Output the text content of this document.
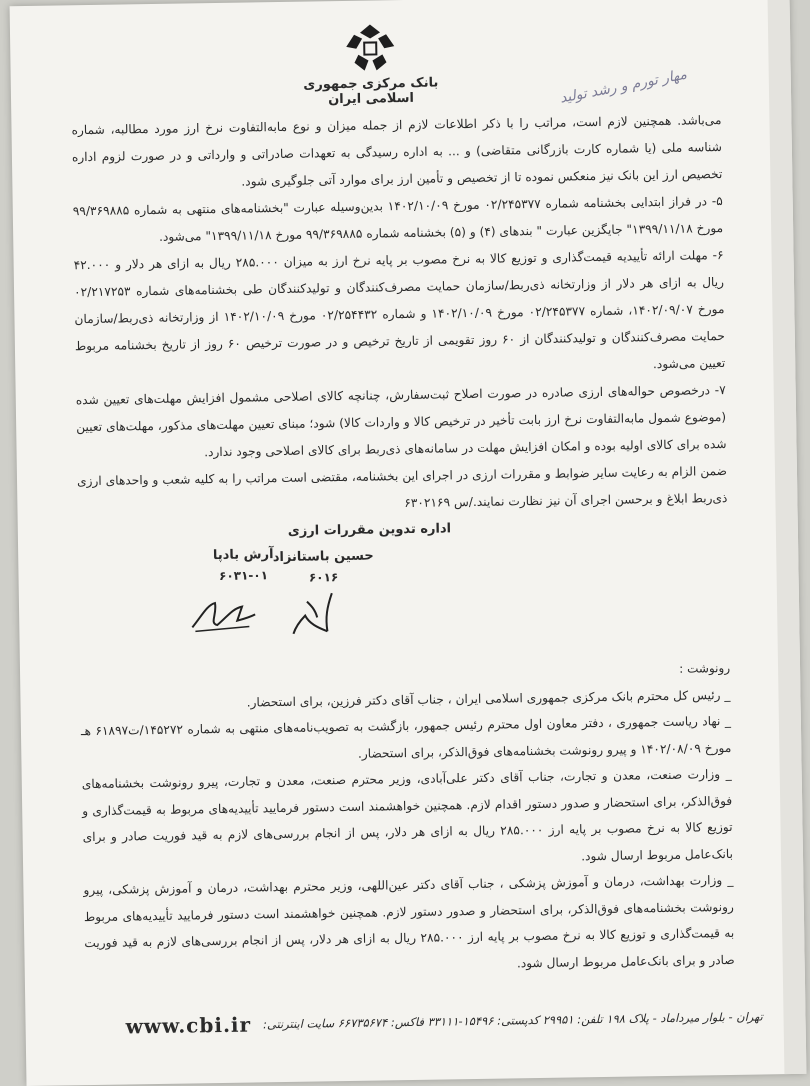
بانک مرکزی جمهوری اسلامی ایران	مهار تورم و رشد تولید

می‌باشد. همچنین لازم است، مراتب را با ذکر اطلاعات لازم از جمله میزان و نوع مابه‌التفاوت نرخ ارز مورد مطالبه، شماره شناسه ملی (یا شماره کارت بازرگانی متقاضی) و ... به اداره رسیدگی به تعهدات صادراتی و وارداتی و در صورت لزوم اداره تخصیص ارز این بانک نیز منعکس نموده تا از تخصیص و تأمین ارز برای موارد آتی جلوگیری شود.

۵- در فراز ابتدایی بخشنامه شماره ۰۲/۲۴۵۳۷۷ مورخ ۱۴۰۲/۱۰/۰۹ بدین‌وسیله عبارت "بخشنامه‌های منتهی به شماره ۹۹/۳۶۹۸۸۵ مورخ ۱۳۹۹/۱۱/۱۸" جایگزین عبارت " بندهای (۴) و (۵) بخشنامه شماره ۹۹/۳۶۹۸۸۵ مورخ ۱۳۹۹/۱۱/۱۸" می‌شود.

۶- مهلت ارائه تأییدیه قیمت‌گذاری و توزیع کالا به نرخ مصوب بر پایه نرخ ارز به میزان ۲۸۵.۰۰۰ ریال به ازای هر دلار و ۴۲.۰۰۰ ریال به ازای هر دلار از وزارتخانه ذی‌ربط/سازمان حمایت مصرف‌کنندگان و تولیدکنندگان طی بخشنامه‌های شماره ۰۲/۲۱۷۲۵۳ مورخ ۱۴۰۲/۰۹/۰۷، شماره ۰۲/۲۴۵۳۷۷ مورخ ۱۴۰۲/۱۰/۰۹ و شماره ۰۲/۲۵۴۴۳۲ مورخ ۱۴۰۲/۱۰/۰۹ از وزارتخانه ذی‌ربط/سازمان حمایت مصرف‌کنندگان و تولیدکنندگان از ۶۰ روز تقویمی از تاریخ ترخیص و در صورت ترخیص ۶۰ روز از تاریخ بخشنامه مربوط تعیین می‌شود.

۷- درخصوص حواله‌های ارزی صادره در صورت اصلاح ثبت‌سفارش، چنانچه کالای اصلاحی مشمول افزایش مهلت‌های تعیین شده (موضوع شمول مابه‌التفاوت نرخ ارز بابت تأخیر در ترخیص کالا و واردات کالا) شود؛ مبنای تعیین مهلت‌های مذکور، مهلت‌های تعیین شده برای کالای اولیه بوده و امکان افزایش مهلت در سامانه‌های ذی‌ربط برای کالای اصلاحی وجود ندارد.

ضمن الزام به رعایت سایر ضوابط و مقررات ارزی در اجرای این بخشنامه، مقتضی است مراتب را به کلیه شعب و واحدهای ارزی ذی‌ربط ابلاغ و برحسن اجرای آن نیز نظارت نمایند./س ۶۳۰۲۱۶۹

اداره تدوین مقررات ارزی
آرش بادپا
۶۰۳۱-۰۱
حسین باستانزاد
۶۰۱۶

رونوشت :

_ رئیس کل محترم بانک مرکزی جمهوری اسلامی ایران ، جناب آقای دکتر فرزین، برای استحضار.

_ نهاد ریاست جمهوری ، دفتر معاون اول محترم رئیس جمهور، بازگشت به تصویب‌نامه‌های منتهی به شماره ۱۴۵۲۷۲/ت۶۱۸۹۷ هـ مورخ ۱۴۰۲/۰۸/۰۹ و پیرو رونوشت بخشنامه‌های فوق‌الذکر، برای استحضار.

_ وزارت صنعت، معدن و تجارت، جناب آقای دکتر علی‌آبادی، وزیر محترم صنعت، معدن و تجارت، پیرو رونوشت بخشنامه‌های فوق‌الذکر، برای استحضار و صدور دستور اقدام لازم. همچنین خواهشمند است دستور فرمایید تأییدیه‌های مربوط به قیمت‌گذاری و توزیع کالا به نرخ مصوب بر پایه ارز ۲۸۵.۰۰۰ ریال به ازای هر دلار، پس از انجام بررسی‌های لازم به قید فوریت صادر و برای بانک‌عامل مربوط ارسال شود.

_ وزارت بهداشت، درمان و آموزش پزشکی ، جناب آقای دکتر عین‌اللهی، وزیر محترم بهداشت، درمان و آموزش پزشکی، پیرو رونوشت بخشنامه‌های فوق‌الذکر، برای استحضار و صدور دستور لازم. همچنین خواهشمند است دستور فرمایید تأییدیه‌های مربوط به قیمت‌گذاری و توزیع کالا به نرخ مصوب بر پایه ارز ۲۸۵.۰۰۰ ریال به ازای هر دلار، پس از انجام بررسی‌های لازم به قید فوریت صادر و برای بانک‌عامل مربوط ارسال شود.

www.cbi.ir تهران - بلوار میرداماد - پلاک ۱۹۸ تلفن: ۲۹۹۵۱ کدپستی: ۱۵۴۹۶-۳۳۱۱۱ فاکس: ۶۶۷۳۵۶۷۴ سایت اینترنتی:
